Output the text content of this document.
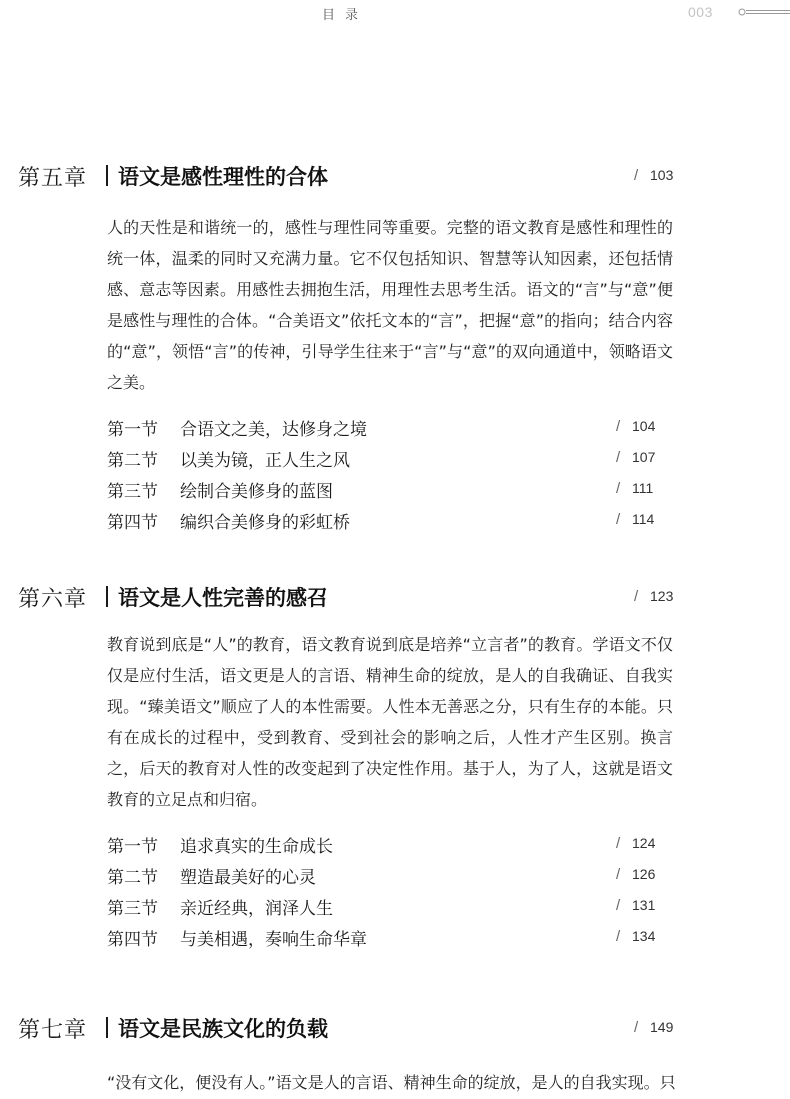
目录	003
第五章 语文是感性理性的合体	/ 103

人的天性是和谐统一的，感性与理性同等重要。完整的语文教育是感性和理性的统一体，温柔的同时又充满力量。它不仅包括知识、智慧等认知因素，还包括情感、意志等因素。用感性去拥抱生活，用理性去思考生活。语文的“言”与“意”便是感性与理性的合体。“合美语文”依托文本的“言”，把握“意”的指向；结合内容的“意”，领悟“言”的传神，引导学生往来于“言”与“意”的双向通道中，领略语文之美。

第一节 合语文之美，达修身之境	/ 104
第二节 以美为镜，正人生之风	/ 107
第三节 绘制合美修身的蓝图	/ 111
第四节 编织合美修身的彩虹桥	/ 114
第六章 语文是人性完善的感召	/ 123

教育说到底是“人”的教育，语文教育说到底是培养“立言者”的教育。学语文不仅仅是应付生活，语文更是人的言语、精神生命的绽放，是人的自我确证、自我实现。“臻美语文”顺应了人的本性需要。人性本无善恶之分，只有生存的本能。只有在成长的过程中，受到教育、受到社会的影响之后，人性才产生区别。换言之，后天的教育对人性的改变起到了决定性作用。基于人，为了人，这就是语文教育的立足点和归宿。

第一节 追求真实的生命成长	/ 124
第二节 塑造最美好的心灵	/ 126
第三节 亲近经典，润泽人生	/ 131
第四节 与美相遇，奏响生命华章	/ 134
第七章 语文是民族文化的负载	/ 149

“没有文化，便没有人。”语文是人的言语、精神生命的绽放，是人的自我实现。只
